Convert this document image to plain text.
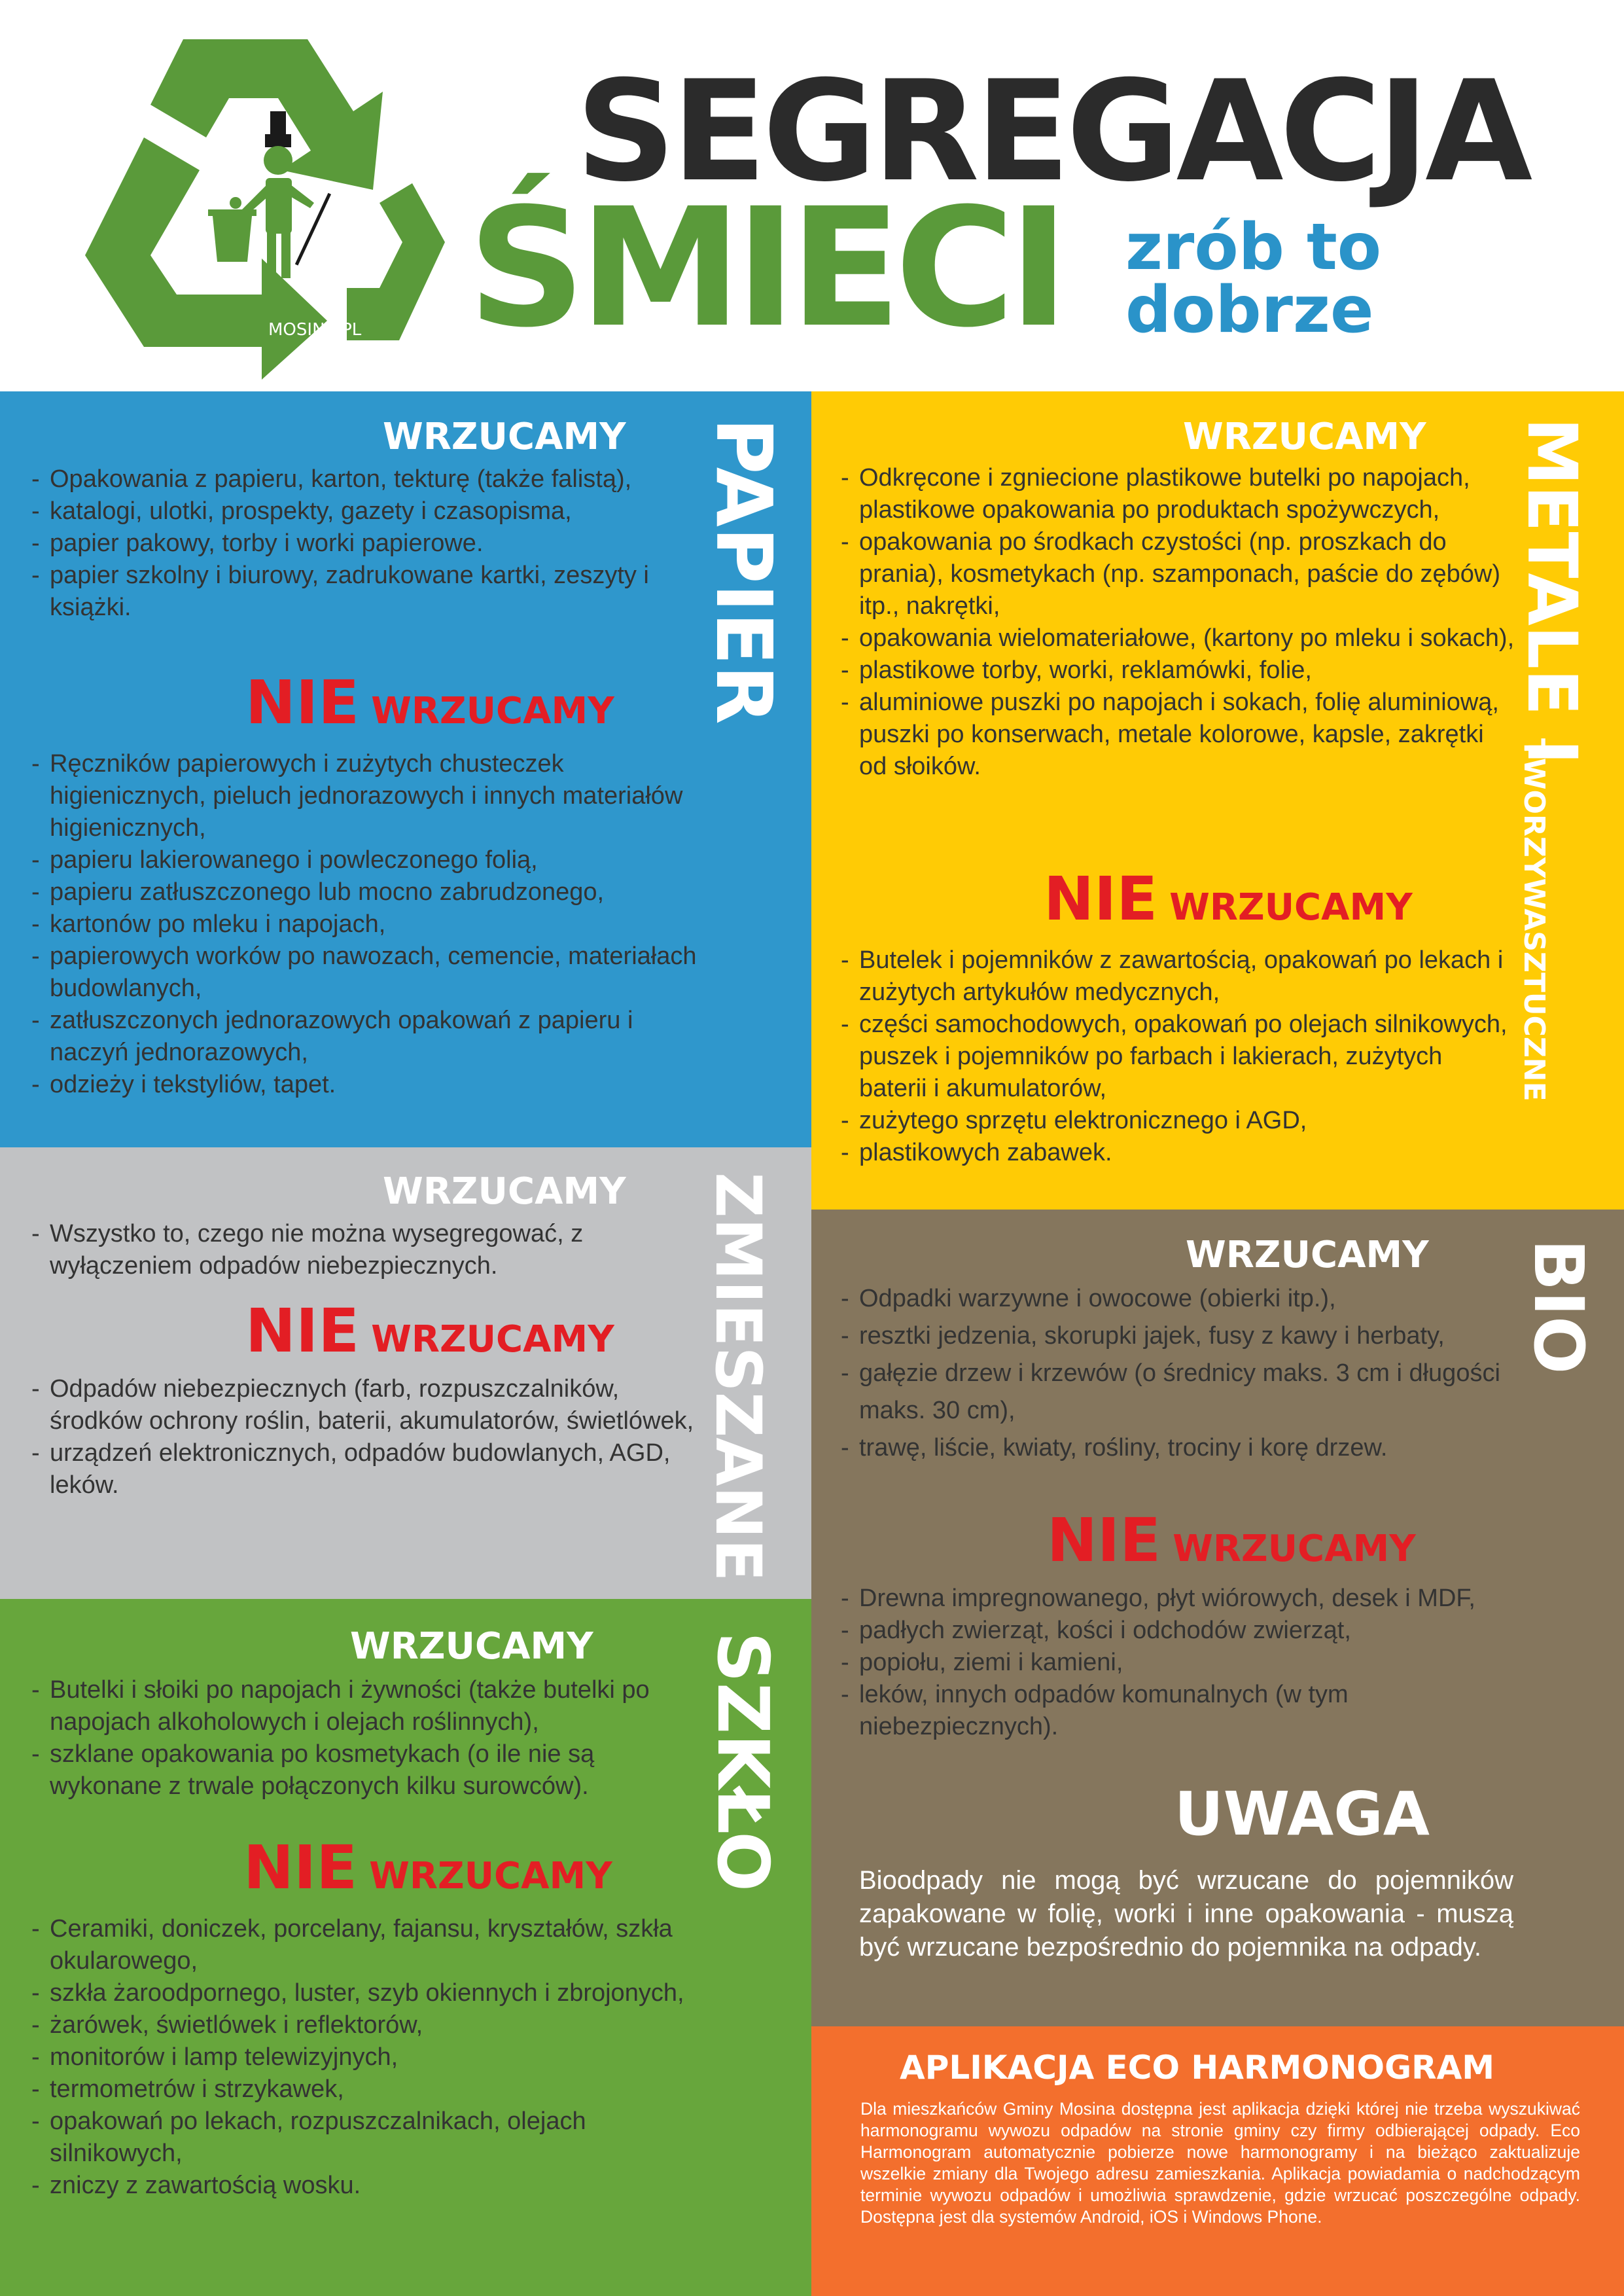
MOSINA.PL
SEGREGACJA
ŚMIECI zrób to
dobrze
PAPIER
WRZUCAMY
- Opakowania z papieru, karton, tekturę (także falistą),
- katalogi, ulotki, prospekty, gazety i czasopisma,
- papier pakowy, torby i worki papierowe.
- papier szkolny i biurowy, zadrukowane kartki, zeszyty i książki.
NIE WRZUCAMY
- Ręczników papierowych i zużytych chusteczek higienicznych, pieluch jednorazowych i innych materiałów higienicznych,
- papieru lakierowanego i powleczonego folią,
- papieru zatłuszczonego lub mocno zabrudzonego,
- kartonów po mleku i napojach,
- papierowych worków po nawozach, cemencie, materiałach budowlanych,
- zatłuszczonych jednorazowych opakowań z papieru i naczyń jednorazowych,
- odzieży i tekstyliów, tapet.
ZMIESZANE
WRZUCAMY
- Wszystko to, czego nie można wysegregować, z wyłączeniem odpadów niebezpiecznych.
NIE WRZUCAMY
- Odpadów niebezpiecznych (farb, rozpuszczalników, środków ochrony roślin, baterii, akumulatorów, świetlówek,
- urządzeń elektronicznych, odpadów budowlanych, AGD, leków.
SZKŁO
WRZUCAMY
- Butelki i słoiki po napojach i żywności (także butelki po napojach alkoholowych i olejach roślinnych),
- szklane opakowania po kosmetykach (o ile nie są wykonane z trwale połączonych kilku surowców).
NIE WRZUCAMY
- Ceramiki, doniczek, porcelany, fajansu, kryształów, szkła okularowego,
- szkła żaroodpornego, luster, szyb okiennych i zbrojonych,
- żarówek, świetlówek i reflektorów,
- monitorów i lamp telewizyjnych,
- termometrów i strzykawek,
- opakowań po lekach, rozpuszczalnikach, olejach silnikowych,
- zniczy z zawartością wosku.
METALE I
TWORZYWASZTUCZNE
WRZUCAMY
- Odkręcone i zgniecione plastikowe butelki po napojach, plastikowe opakowania po produktach spożywczych,
- opakowania po środkach czystości (np. proszkach do prania), kosmetykach (np. szamponach, paście do zębów) itp., nakrętki,
- opakowania wielomateriałowe, (kartony po mleku i sokach),
- plastikowe torby, worki, reklamówki, folie,
- aluminiowe puszki po napojach i sokach, folię aluminiową, puszki po konserwach, metale kolorowe, kapsle, zakrętki od słoików.
NIE WRZUCAMY
- Butelek i pojemników z zawartością, opakowań po lekach i zużytych artykułów medycznych,
- części samochodowych, opakowań po olejach silnikowych, puszek i pojemników po farbach i lakierach, zużytych baterii i akumulatorów,
- zużytego sprzętu elektronicznego i AGD,
- plastikowych zabawek.
BIO
WRZUCAMY
- Odpadki warzywne i owocowe (obierki itp.),
- resztki jedzenia, skorupki jajek, fusy z kawy i herbaty,
- gałęzie drzew i krzewów (o średnicy maks. 3 cm i długości maks. 30 cm),
- trawę, liście, kwiaty, rośliny, trociny i korę drzew.
NIE WRZUCAMY
- Drewna impregnowanego, płyt wiórowych, desek i MDF,
- padłych zwierząt, kości i odchodów zwierząt,
- popiołu, ziemi i kamieni,
- leków, innych odpadów komunalnych (w tym niebezpiecznych).
UWAGA
Bioodpady nie mogą być wrzucane do pojemników zapakowane w folię, worki i inne opakowania - muszą być wrzucane bezpośrednio do pojemnika na odpady.
APLIKACJA ECO HARMONOGRAM
Dla mieszkańców Gminy Mosina dostępna jest aplikacja dzięki której nie trzeba wyszukiwać harmonogramu wywozu odpadów na stronie gminy czy firmy odbierającej odpady. Eco Harmonogram automatycznie pobierze nowe harmonogramy i na bieżąco zaktualizuje wszelkie zmiany dla Twojego adresu zamieszkania. Aplikacja powiadamia o nadchodzącym terminie wywozu odpadów i umożliwia sprawdzenie, gdzie wrzucać poszczególne odpady. Dostępna jest dla systemów Android, iOS i Windows Phone.
